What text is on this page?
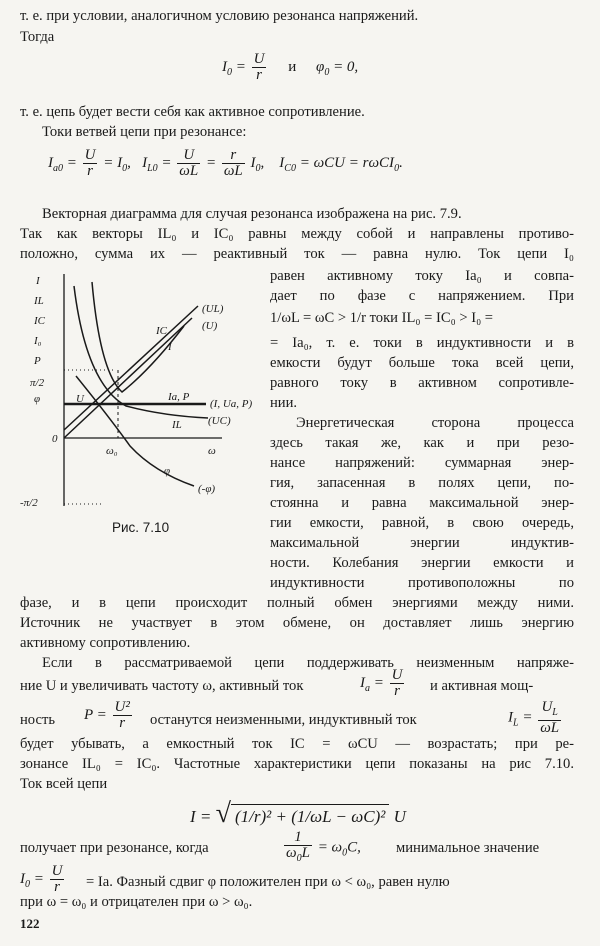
т. е. при условии, аналогичном условию резонанса напряжений.
Тогда
$I_0 = \frac{U}{r}$ и $\varphi_0 = 0$,
т. е. цепь будет вести себя как активное сопротивление.
Токи ветвей цепи при резонансе:
$I_{а0} = \frac{U}{r} = I_0$,   $I_{L0} = \frac{U}{\omega L} = \frac{r}{\omega L} I_0$,    $I_{C0} = \omega CU = r\omega CI_0$.
Векторная диаграмма для случая резонанса изображена на рис. 7.9.
Так как векторы IL₀ и IC₀ равны между собой и направлены противо-
положно, сумма их — реактивный ток — равна нулю. Ток цепи I₀
I
IL
IC
I₀
P
π/2
φ	U
0
-π/2
(UL)
(U)
IC
I
Iа, P
(I, Uа, P)
IL (UC)
φ
(-φ)
ω₀	ω
Рис. 7.10
равен активному току Iа₀ и совпа-
дает по фазе с напряжением. При
1/ωL = ωC > 1/r токи IL₀ = IC₀ > I₀ =
= Iа₀, т. е. токи в индуктивности и в
емкости будут больше тока всей цепи,
равного току в активном сопротивле-
нии.
Энергетическая сторона процесса
здесь такая же, как и при резо-
нансе напряжений: суммарная энер-
гия, запасенная в полях цепи, по-
стоянна и равна максимальной энер-
гии емкости, равной, в свою очередь,
максимальной энергии индуктив-
ности. Колебания энергии емкости и
индуктивности противоположны по
фазе, и в цепи происходит полный обмен энергиями между ними.
Источник не участвует в этом обмене, он доставляет лишь энергию
активному сопротивлению.
Если в рассматриваемой цепи поддерживать неизменным напряже-
ние U и увеличивать частоту ω, активный ток	$I_а = \frac{U}{r}$ и активная мощ-
ность $P = \frac{\text{U²}}{r}$ останутся неизменными, индуктивный ток	$I_L = \frac{U_L}{\omega L}$
будет убывать, а емкостный ток IC = ωCU — возрастать; при ре-
зонансе IL₀ = IC₀. Частотные характеристики цепи показаны на рис 7.10.
Ток всей цепи
I = √ (1/r)² + (1/ωL − ωC)² U
получает при резонансе, когда	$\frac{1}{\omega_0L} = \omega_0C$, минимальное значение
$I_0 = \frac{U}{r}$ = Iа. Фазный сдвиг φ положителен при ω < ω₀, равен нулю
при ω = ω₀ и отрицателен при ω > ω₀.
122
